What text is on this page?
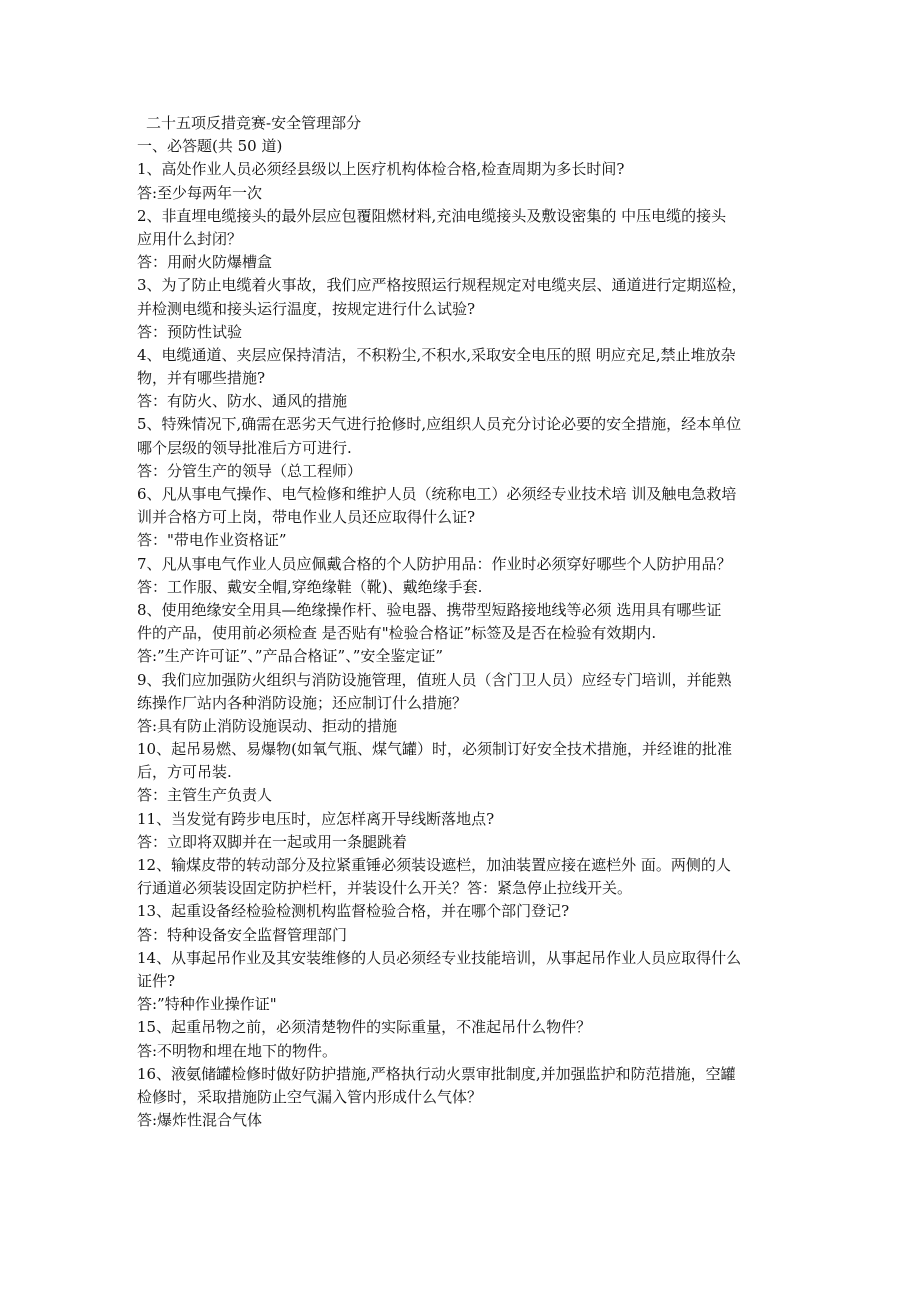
二十五项反措竞赛-安全管理部分
一、必答题(共 50 道)
1、高处作业人员必须经县级以上医疗机构体检合格,检查周期为多长时间?
答:至少每两年一次
2、非直埋电缆接头的最外层应包覆阻燃材料,充油电缆接头及敷设密集的 中压电缆的接头
应用什么封闭？
答：用耐火防爆槽盒
3、为了防止电缆着火事故，我们应严格按照运行规程规定对电缆夹层、通道进行定期巡检，
并检测电缆和接头运行温度，按规定进行什么试验?
答：预防性试验
4、电缆通道、夹层应保持清洁，不积粉尘,不积水,采取安全电压的照 明应充足,禁止堆放杂
物，并有哪些措施?
答：有防火、防水、通风的措施
5、特殊情况下,确需在恶劣天气进行抢修时,应组织人员充分讨论必要的安全措施，经本单位
哪个层级的领导批准后方可进行.
答：分管生产的领导（总工程师）
6、凡从事电气操作、电气检修和维护人员（统称电工）必须经专业技术培 训及触电急救培
训并合格方可上岗，带电作业人员还应取得什么证?
答："带电作业资格证”
7、凡从事电气作业人员应佩戴合格的个人防护用品：作业时必须穿好哪些个人防护用品？
答：工作服、戴安全帽,穿绝缘鞋（靴)、戴绝缘手套.
8、使用绝缘安全用具—绝缘操作杆、验电器、携带型短路接地线等必须 选用具有哪些证
件的产品，使用前必须检查 是否贴有"检验合格证”标签及是否在检验有效期内.
答:”生产许可证”、”产品合格证”、”安全鉴定证”
9、我们应加强防火组织与消防设施管理，值班人员（含门卫人员）应经专门培训，并能熟
练操作厂站内各种消防设施；还应制订什么措施？
答:具有防止消防设施误动、拒动的措施
10、起吊易燃、易爆物(如氧气瓶、煤气罐）时，必须制订好安全技术措施，并经谁的批准
后，方可吊装.
答：主管生产负责人
11、当发觉有跨步电压时，应怎样离开导线断落地点?
答：立即将双脚并在一起或用一条腿跳着
12、输煤皮带的转动部分及拉紧重锤必须装设遮栏，加油装置应接在遮栏外 面。两侧的人
行通道必须装设固定防护栏杆，并装设什么开关？答：紧急停止拉线开关。
13、起重设备经检验检测机构监督检验合格，并在哪个部门登记?
答：特种设备安全监督管理部门
14、从事起吊作业及其安装维修的人员必须经专业技能培训，从事起吊作业人员应取得什么
证件?
答:”特种作业操作证"
15、起重吊物之前，必须清楚物件的实际重量，不准起吊什么物件？
答:不明物和埋在地下的物件。
16、液氨储罐检修时做好防护措施,严格执行动火票审批制度,并加强监护和防范措施，空罐
检修时，采取措施防止空气漏入管内形成什么气体？
答:爆炸性混合气体
